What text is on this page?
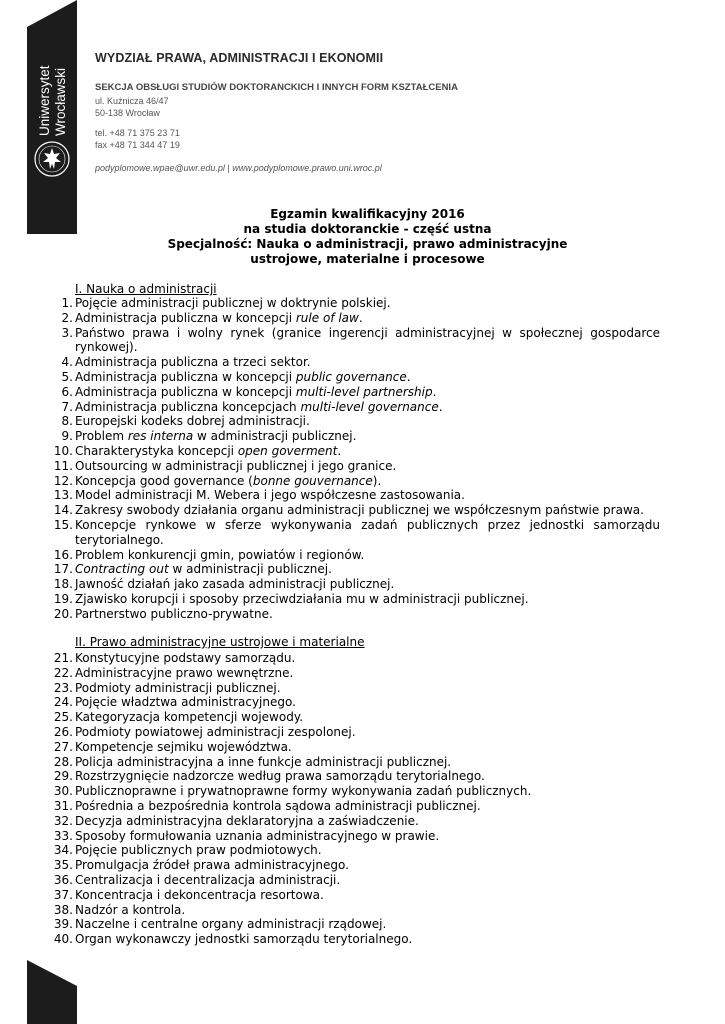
Uniwersytet Wrocławski
WYDZIAŁ PRAWA, ADMINISTRACJI I EKONOMII
SEKCJA OBSŁUGI STUDIÓW DOKTORANCKICH I INNYCH FORM KSZTAŁCENIA
ul. Kuźnicza 46/47
50-138 Wrocław
tel. +48 71 375 23 71
fax +48 71 344 47 19
podyplomowe.wpae@uwr.edu.pl | www.podyplomowe.prawo.uni.wroc.pl
Egzamin kwalifikacyjny 2016
na studia doktoranckie - część ustna
Specjalność: Nauka o administracji, prawo administracyjne
ustrojowe, materialne i procesowe
I. Nauka o administracji
1. Pojęcie administracji publicznej w doktrynie polskiej.
2. Administracja publiczna w koncepcji rule of law.
3. Państwo prawa i wolny rynek (granice ingerencji administracyjnej w społecznej gospodarce rynkowej).
4. Administracja publiczna a trzeci sektor.
5. Administracja publiczna w koncepcji public governance.
6. Administracja publiczna w koncepcji multi-level partnership.
7. Administracja publiczna koncepcjach multi-level governance.
8. Europejski kodeks dobrej administracji.
9. Problem res interna w administracji publicznej.
10. Charakterystyka koncepcji open goverment.
11. Outsourcing w administracji publicznej i jego granice.
12. Koncepcja good governance (bonne gouvernance).
13. Model administracji M. Webera i jego współczesne zastosowania.
14. Zakresy swobody działania organu administracji publicznej we współczesnym państwie prawa.
15. Koncepcje rynkowe w sferze wykonywania zadań publicznych przez jednostki samorządu terytorialnego.
16. Problem konkurencji gmin, powiatów i regionów.
17. Contracting out w administracji publicznej.
18. Jawność działań jako zasada administracji publicznej.
19. Zjawisko korupcji i sposoby przeciwdziałania mu w administracji publicznej.
20. Partnerstwo publiczno-prywatne.
II. Prawo administracyjne ustrojowe i materialne
21. Konstytucyjne podstawy samorządu.
22. Administracyjne prawo wewnętrzne.
23. Podmioty administracji publicznej.
24. Pojęcie władztwa administracyjnego.
25. Kategoryzacja kompetencji wojewody.
26. Podmioty powiatowej administracji zespolonej.
27. Kompetencje sejmiku województwa.
28. Policja administracyjna a inne funkcje administracji publicznej.
29. Rozstrzygnięcie nadzorcze według prawa samorządu terytorialnego.
30. Publicznoprawne i prywatnoprawne formy wykonywania zadań publicznych.
31. Pośrednia a bezpośrednia kontrola sądowa administracji publicznej.
32. Decyzja administracyjna deklaratoryjna a zaświadczenie.
33. Sposoby formułowania uznania administracyjnego w prawie.
34. Pojęcie publicznych praw podmiotowych.
35. Promulgacja źródeł prawa administracyjnego.
36. Centralizacja i decentralizacja administracji.
37. Koncentracja i dekoncentracja resortowa.
38. Nadzór a kontrola.
39. Naczelne i centralne organy administracji rządowej.
40. Organ wykonawczy jednostki samorządu terytorialnego.
